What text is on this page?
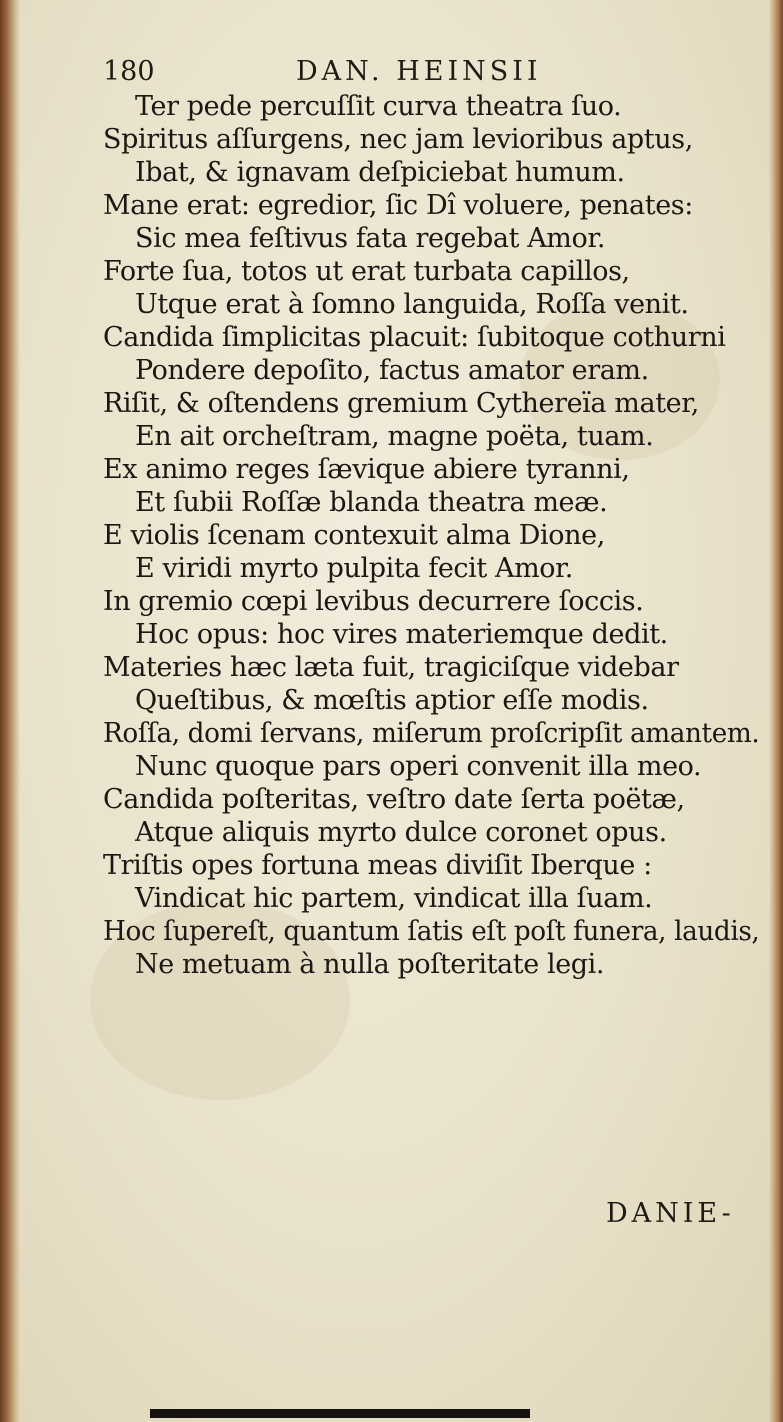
180	DAN. HEINSII
Ter pede percuſſit curva theatra ſuo.
Spiritus aſſurgens, nec jam levioribus aptus,
Ibat, & ignavam deſpiciebat humum.
Mane erat: egredior, ſic Dî voluere, penates:
Sic mea feſtivus fata regebat Amor.
Forte ſua, totos ut erat turbata capillos,
Utque erat à ſomno languida, Roſſa venit.
Candida ſimplicitas placuit: ſubitoque cothurni
Pondere depoſito, factus amator eram.
Riſit, & oſtendens gremium Cythereïa mater,
En ait orcheſtram, magne poëta, tuam.
Ex animo reges ſævique abiere tyranni,
Et ſubii Roſſæ blanda theatra meæ.
E violis ſcenam contexuit alma Dione,
E viridi myrto pulpita fecit Amor.
In gremio cœpi levibus decurrere ſoccis.
Hoc opus: hoc vires materiemque dedit.
Materies hæc læta fuit, tragiciſque videbar
Queſtibus, & mœſtis aptior eſſe modis.
Roſſa, domi ſervans, miſerum proſcripſit amantem.
Nunc quoque pars operi convenit illa meo.
Candida poſteritas, veſtro date ſerta poëtæ,
Atque aliquis myrto dulce coronet opus.
Triſtis opes fortuna meas diviſit Iberque :
Vindicat hic partem, vindicat illa ſuam.
Hoc ſupereſt, quantum ſatis eſt poſt funera, laudis,
Ne metuam à nulla poſteritate legi.
DANIE-
